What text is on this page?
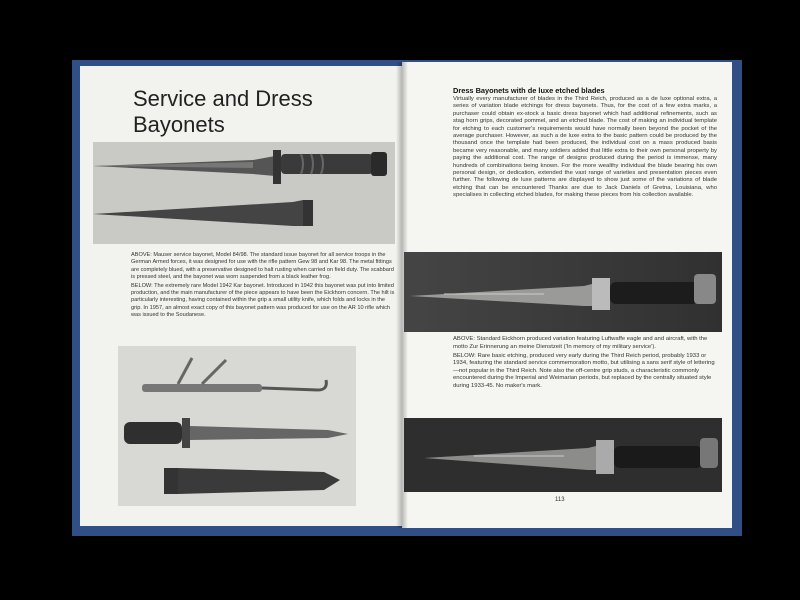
Service and Dress Bayonets

ABOVE: Mauser service bayonet, Model 84/98. The standard issue bayonet for all service troops in the German Armed forces, it was designed for use with the rifle pattern Gew 98 and Kar 98. The metal fittings are completely blued, with a preservative designed to halt rusting when carried on field duty. The scabbard is pressed steel, and the bayonet was worn suspended from a black leather frog.

BELOW: The extremely rare Model 1942 Kar bayonet. Introduced in 1942 this bayonet was put into limited production, and the main manufacturer of the piece appears to have been the Eickhorn concern. The hilt is particularly interesting, having contained within the grip a small utility knife, which folds and locks in the grip. In 1957, an almost exact copy of this bayonet pattern was produced for use on the AR 10 rifle which was issued to the Soudanese.

Dress Bayonets with de luxe etched blades

Virtually every manufacturer of blades in the Third Reich, produced as a de luxe optional extra, a series of variation blade etchings for dress bayonets. Thus, for the cost of a few extra marks, a purchaser could obtain ex-stock a basic dress bayonet which had additional refinements, such as stag horn grips, decorated pommel, and an etched blade. The cost of making an individual template for etching to each customer's requirements would have normally been beyond the pocket of the average purchaser. However, as such a de luxe extra to the basic pattern could be produced by the thousand once the template had been produced, the individual cost on a mass produced basis became very reasonable, and many soldiers added that little extra to their own personal property by paying the additional cost. The range of designs produced during the period is immense, many hundreds of combinations being known. For the more wealthy individual the blade bearing his own personal design, or dedication, extended the vast range of varieties and presentation pieces even further. The following de luxe patterns are displayed to show just some of the variations of blade etching that can be encountered Thanks are due to Jack Daniels of Gretna, Louisiana, who specialises in collecting etched blades, for making these pieces from his collection available.

ABOVE: Standard Eickhorn produced variation featuring Luftwaffe eagle and and aircraft, with the motto Zur Erinnerung an meine Dienstzeit ('In memory of my military service').

BELOW: Rare basic etching, produced very early during the Third Reich period, probably 1933 or 1934, featuring the standard service commemoration motto, but utilising a sans serif style of lettering—not popular in the Third Reich. Note also the off-centre grip studs, a characteristic commonly encountered during the Imperial and Weimarian periods, but replaced by the centrally situated style during 1933-45. No maker's mark.

113
